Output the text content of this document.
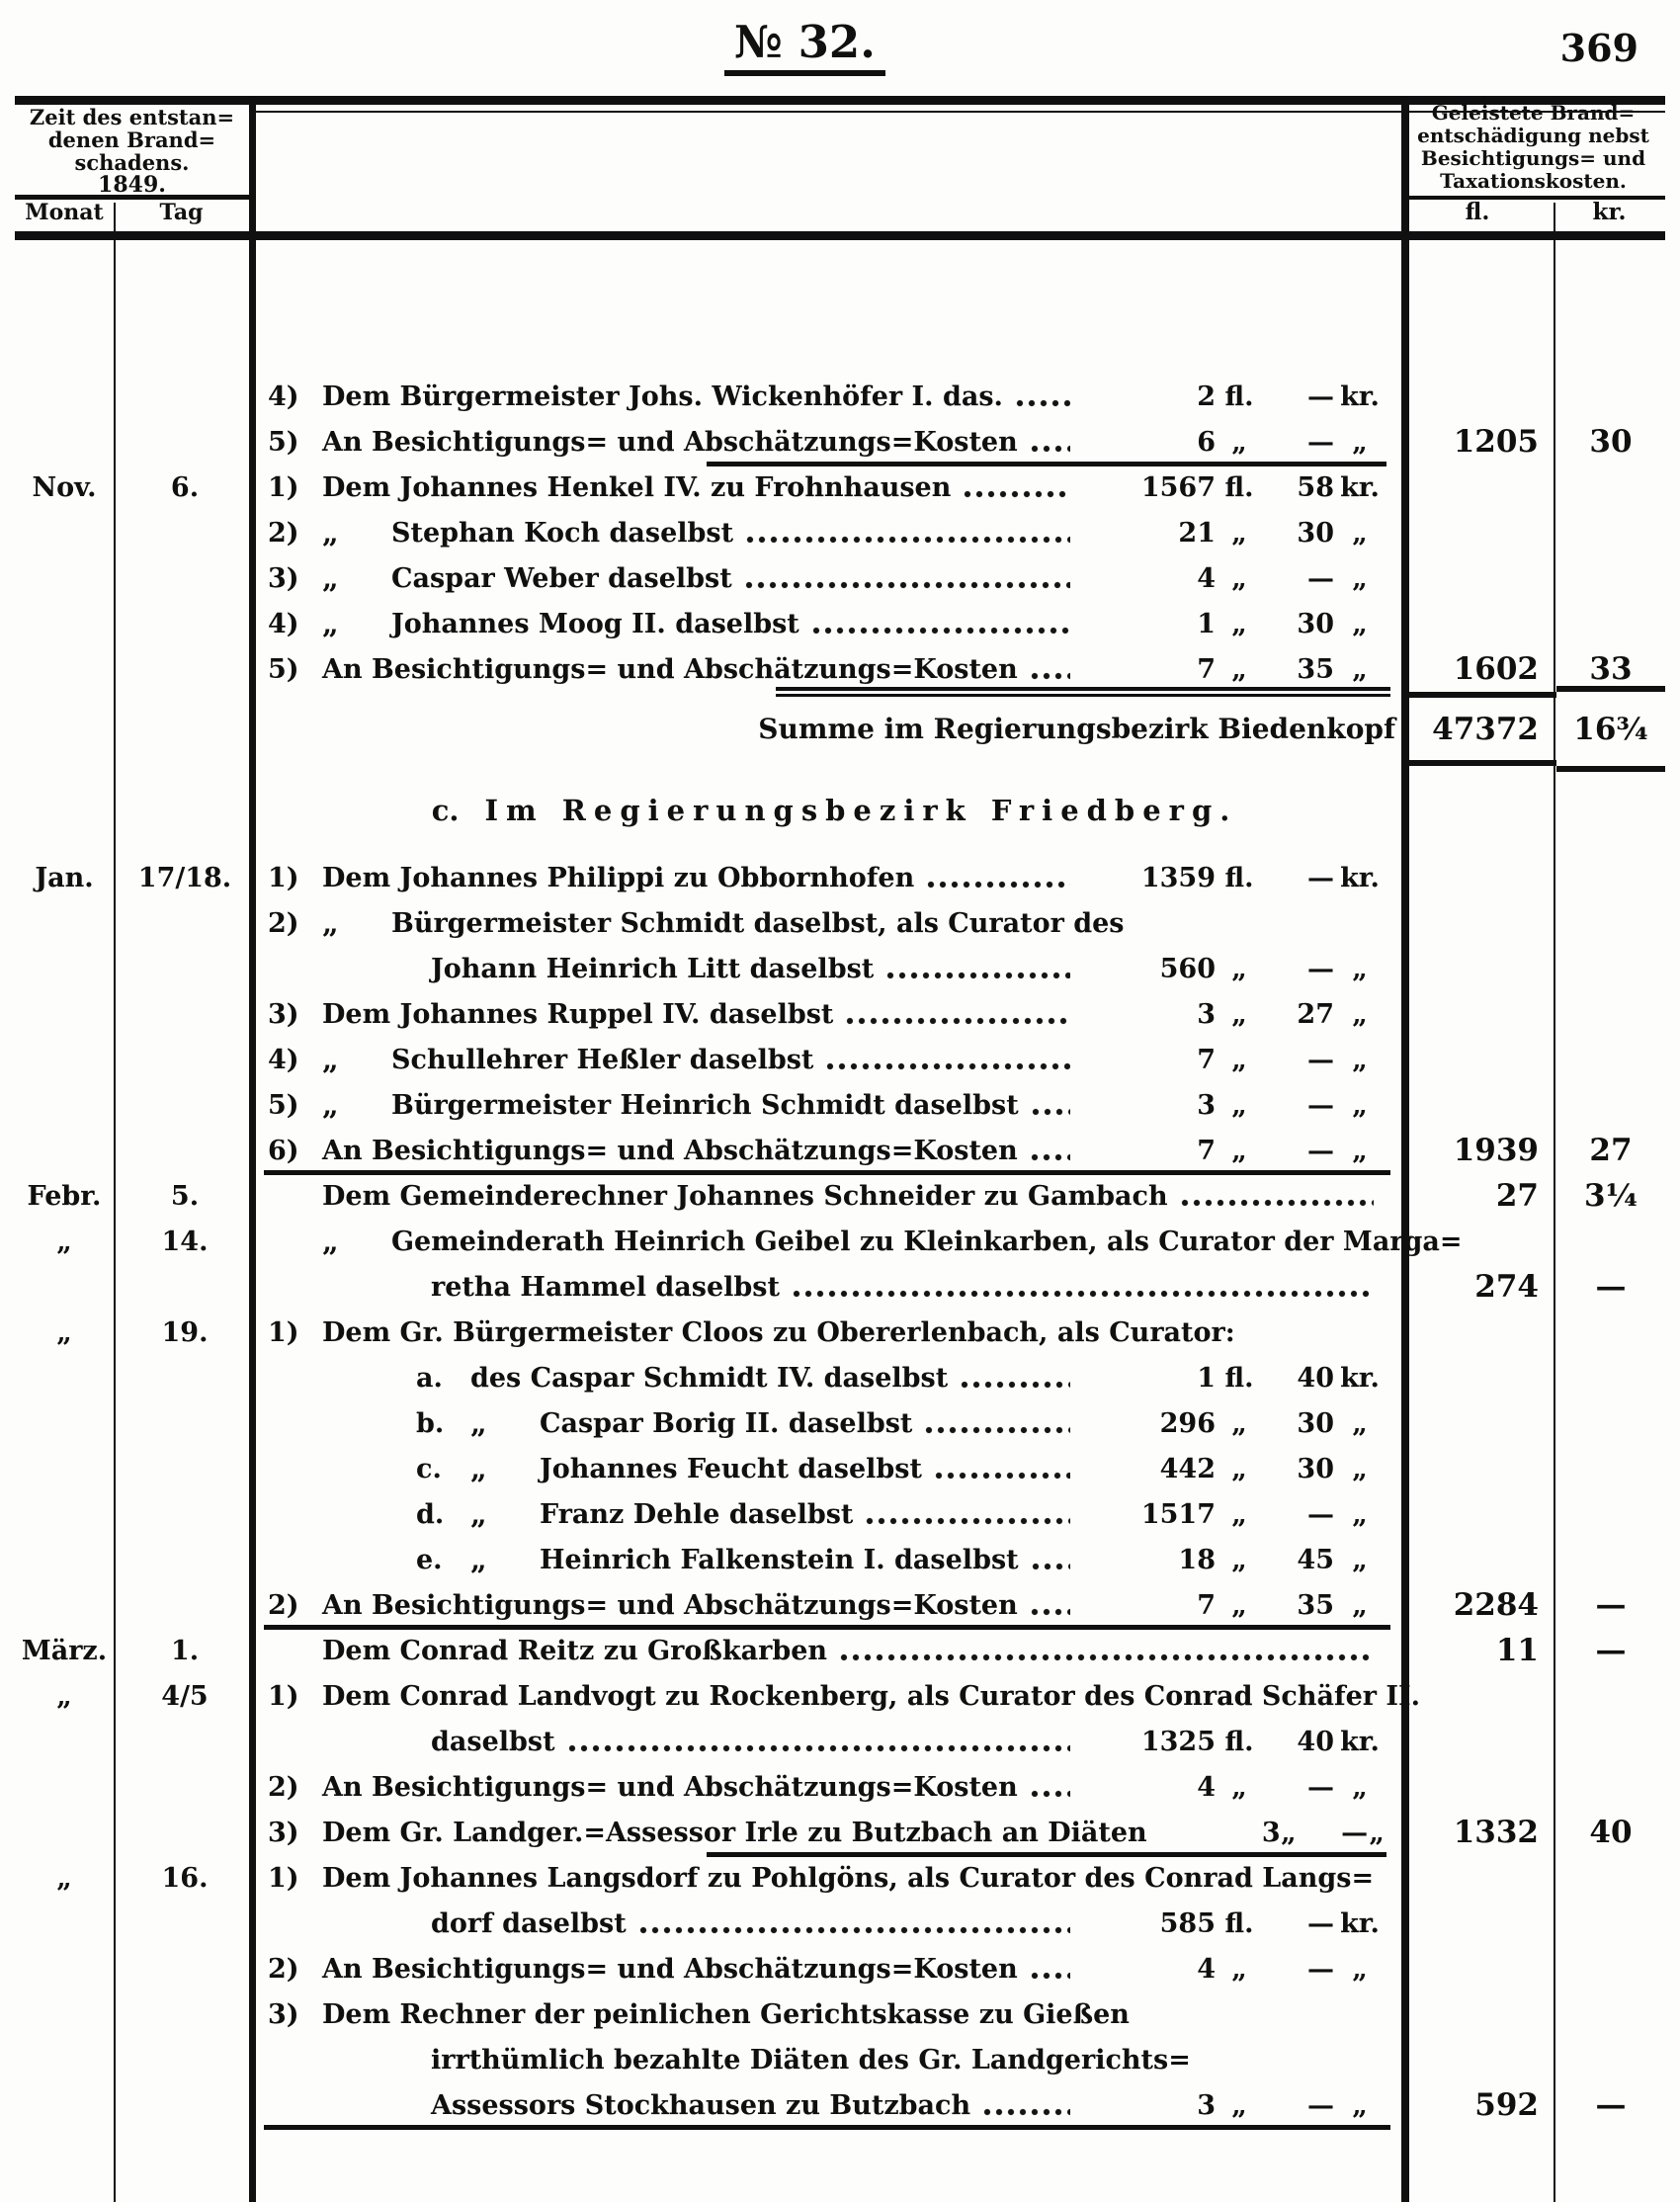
№ 32.	369
Zeit des entstan=
denen Brand=
schadens.
1849.
Monat	Tag
Geleistete Brand=
entschädigung nebst
Besichtigungs= und
Taxationskosten.
fl.	kr.
4) Dem Bürgermeister Johs. Wickenhöfer I. das.	2 fl.	— kr.
5) An Besichtigungs= und Abschätzungs=Kosten	6 „	— „	1205	30
Nov.	6.	1) Dem Johannes Henkel IV. zu Frohnhausen	1567 fl.	58 kr.
2) „	Stephan Koch daselbst	21 „	30 „
3) „	Caspar Weber daselbst	4 „	— „
4) „	Johannes Moog II. daselbst	1 „	30 „
5) An Besichtigungs= und Abschätzungs=Kosten	7 „	35 „	1602	33
Summe im Regierungsbezirk Biedenkopf	47372	16¾
c. Im Regierungsbezirk Friedberg.
Jan.	17/18.	1) Dem Johannes Philippi zu Obbornhofen	1359 fl.	— kr.
2) „	Bürgermeister Schmidt daselbst, als Curator des
Johann Heinrich Litt daselbst	560 „	— „
3) Dem Johannes Ruppel IV. daselbst	3 „	27 „
4) „	Schullehrer Heßler daselbst	7 „	— „
5) „	Bürgermeister Heinrich Schmidt daselbst	3 „	— „
6) An Besichtigungs= und Abschätzungs=Kosten	7 „	— „	1939	27
Febr.	5.	Dem Gemeinderechner Johannes Schneider zu Gambach	27	3¼
„	14.	„	Gemeinderath Heinrich Geibel zu Kleinkarben, als Curator der Marga=
retha Hammel daselbst	274	—
„	19.	1) Dem Gr. Bürgermeister Cloos zu Obererlenbach, als Curator:
a.	des Caspar Schmidt IV. daselbst	1 fl.	40 kr.
b. „	Caspar Borig II. daselbst	296 „	30 „
c.	„	Johannes Feucht daselbst	442 „	30 „
d. „	Franz Dehle daselbst	1517 „	— „
e. „	Heinrich Falkenstein I. daselbst	18 „	45 „
2) An Besichtigungs= und Abschätzungs=Kosten	7 „	35 „	2284	—
März.	1.	Dem Conrad Reitz zu Großkarben	11	—
„	4/5	1) Dem Conrad Landvogt zu Rockenberg, als Curator des Conrad Schäfer II.
daselbst	1325 fl.	40 kr.
2) An Besichtigungs= und Abschätzungs=Kosten	4 „	— „
3) Dem Gr. Landger.=Assessor Irle zu Butzbach an Diäten	3 „	— „	1332	40
„	16.	1) Dem Johannes Langsdorf zu Pohlgöns, als Curator des Conrad Langs=
dorf daselbst	585 fl.	— kr.
2) An Besichtigungs= und Abschätzungs=Kosten	4 „	— „
3) Dem Rechner der peinlichen Gerichtskasse zu Gießen
irrthümlich bezahlte Diäten des Gr. Landgerichts=
Assessors Stockhausen zu Butzbach	3 „	— „	592	—
